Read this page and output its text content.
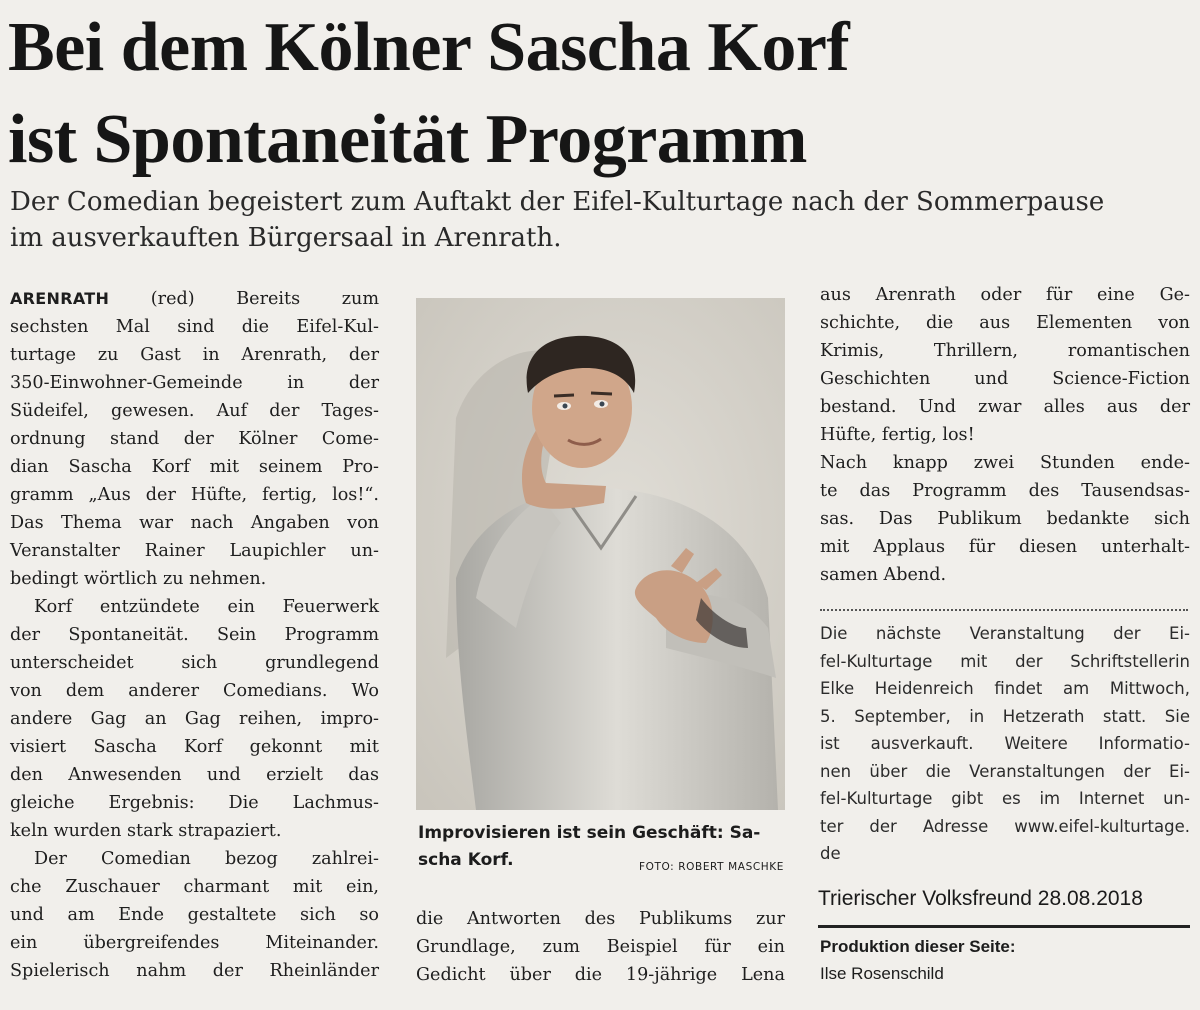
Bei dem Kölner Sascha Korf
ist Spontaneität Programm
Der Comedian begeistert zum Auftakt der Eifel-Kulturtage nach der Sommerpause
im ausverkauften Bürgersaal in Arenrath.
ARENRATH (red) Bereits zum
sechsten Mal sind die Eifel-Kul-
turtage zu Gast in Arenrath, der
350-Einwohner-Gemeinde in der
Südeifel, gewesen. Auf der Tages-
ordnung stand der Kölner Come-
dian Sascha Korf mit seinem Pro-
gramm „Aus der Hüfte, fertig, los!“.
Das Thema war nach Angaben von
Veranstalter Rainer Laupichler un-
bedingt wörtlich zu nehmen.
Korf entzündete ein Feuerwerk
der Spontaneität. Sein Programm
unterscheidet sich grundlegend
von dem anderer Comedians. Wo
andere Gag an Gag reihen, impro-
visiert Sascha Korf gekonnt mit
den Anwesenden und erzielt das
gleiche Ergebnis: Die Lachmus-
keln wurden stark strapaziert.
Der Comedian bezog zahlrei-
che Zuschauer charmant mit ein,
und am Ende gestaltete sich so
ein übergreifendes Miteinander.
Spielerisch nahm der Rheinländer
Improvisieren ist sein Geschäft: Sa-
scha Korf.	FOTO: ROBERT MASCHKE
die Antworten des Publikums zur
Grundlage, zum Beispiel für ein
Gedicht über die 19-jährige Lena
aus Arenrath oder für eine Ge-
schichte, die aus Elementen von
Krimis, Thrillern, romantischen
Geschichten und Science-Fiction
bestand. Und zwar alles aus der
Hüfte, fertig, los!
Nach knapp zwei Stunden ende-
te das Programm des Tausendsas-
sas. Das Publikum bedankte sich
mit Applaus für diesen unterhalt-
samen Abend.
Die nächste Veranstaltung der Ei-
fel-Kulturtage mit der Schriftstellerin
Elke Heidenreich findet am Mittwoch,
5. September, in Hetzerath statt. Sie
ist ausverkauft. Weitere Informatio-
nen über die Veranstaltungen der Ei-
fel-Kulturtage gibt es im Internet un-
ter der Adresse www.eifel-kulturtage.
de
Trierischer Volksfreund 28.08.2018
Produktion dieser Seite:
Ilse Rosenschild
